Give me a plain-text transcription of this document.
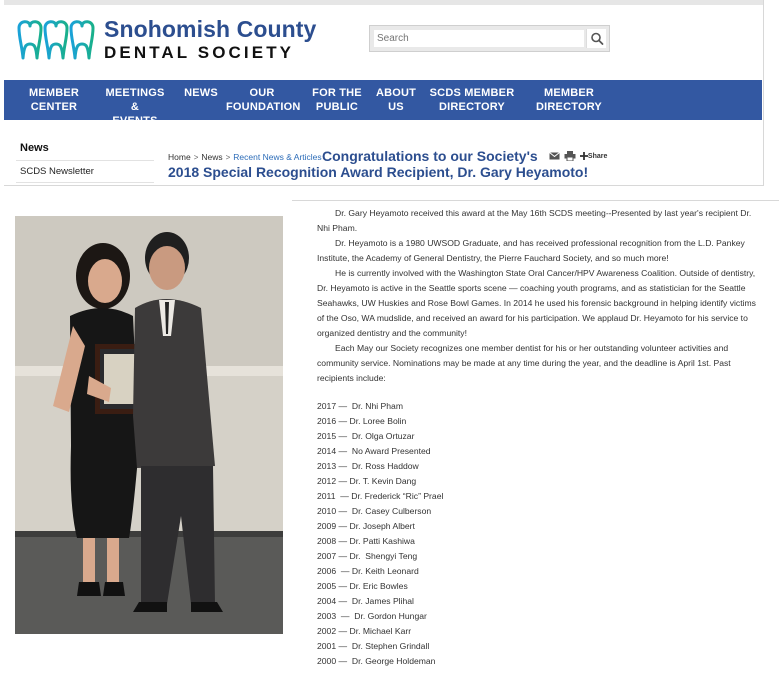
Snohomish County
DENTAL SOCIETY
Search
MEMBER
CENTER
MEETINGS &
EVENTS
NEWS	OUR
FOUNDATION
FOR THE
PUBLIC
ABOUT
US
SCDS MEMBER
DIRECTORY
MEMBER
DIRECTORY
News
SCDS Newsletter
Home > News > Recent News & Articles Congratulations to our Society's	Share
2018 Special Recognition Award Recipient, Dr. Gary Heyamoto!

Dr. Gary Heyamoto received this award at the May 16th SCDS meeting--Presented by last year's recipient Dr. Nhi Pham.

Dr. Heyamoto is a 1980 UWSOD Graduate, and has received professional recognition from the L.D. Pankey Institute, the Academy of General Dentistry, the Pierre Fauchard Society, and so much more!

He is currently involved with the Washington State Oral Cancer/HPV Awareness Coalition. Outside of dentistry, Dr. Heyamoto is active in the Seattle sports scene — coaching youth programs, and as statistician for the Seattle Seahawks, UW Huskies and Rose Bowl Games. In 2014 he used his forensic background in helping identify victims of the Oso, WA mudslide, and received an award for his participation. We applaud Dr. Heyamoto for his service to organized dentistry and the community!

Each May our Society recognizes one member dentist for his or her outstanding volunteer activities and community service. Nominations may be made at any time during the year, and the deadline is April 1st. Past recipients include:

2017 —  Dr. Nhi Pham
2016 — Dr. Loree Bolin
2015 —  Dr. Olga Ortuzar
2014 —  No Award Presented
2013 —  Dr. Ross Haddow
2012 — Dr. T. Kevin Dang
2011  — Dr. Frederick “Ric” Prael
2010 —  Dr. Casey Culberson
2009 — Dr. Joseph Albert
2008 — Dr. Patti Kashiwa
2007 — Dr.  Shengyi Teng
2006  — Dr. Keith Leonard
2005 — Dr. Eric Bowles
2004 —  Dr. James Plihal
2003  —  Dr. Gordon Hungar
2002 — Dr. Michael Karr
2001 —  Dr. Stephen Grindall
2000 —  Dr. George Holdeman
